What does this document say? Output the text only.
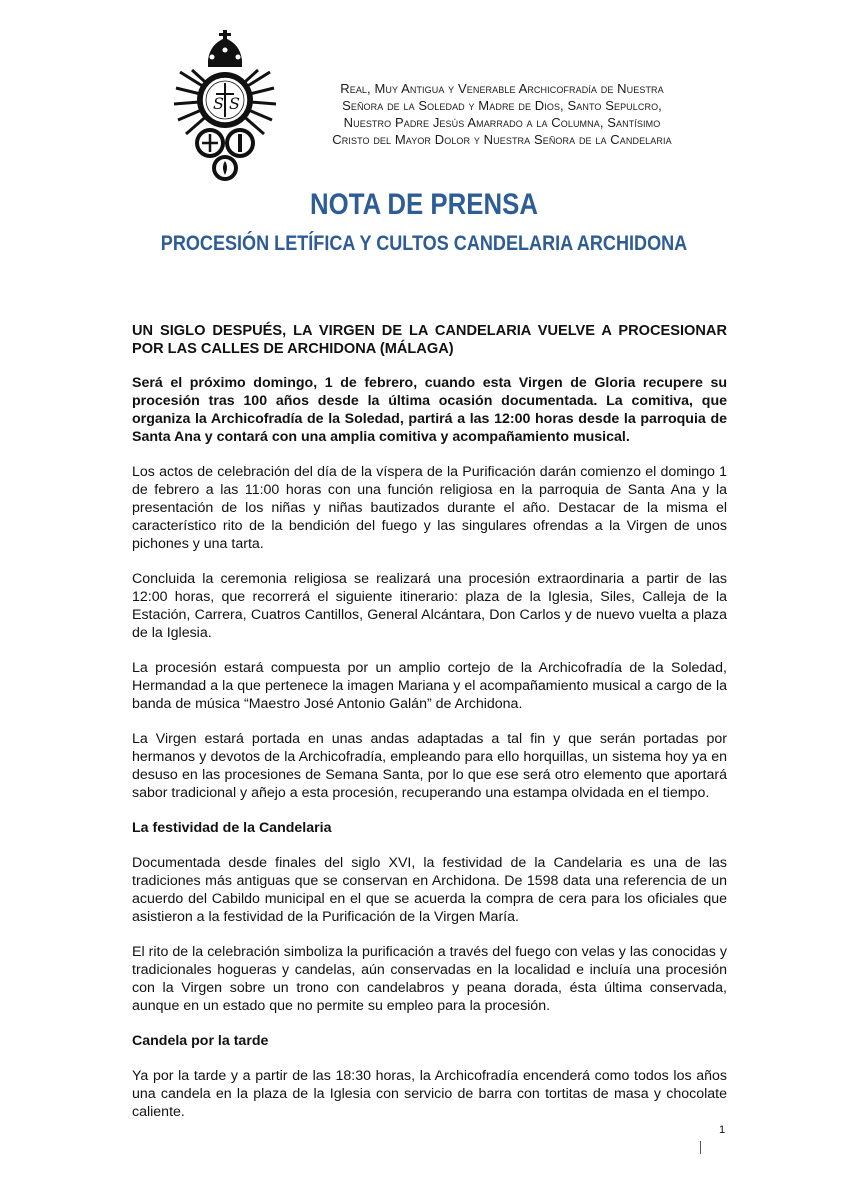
S S
Real, Muy Antigua y Venerable Archicofradía de Nuestra
Señora de la Soledad y Madre de Dios, Santo Sepulcro,
Nuestro Padre Jesús Amarrado a la Columna, Santísimo
Cristo del Mayor Dolor y Nuestra Señora de la Candelaria
NOTA DE PRENSA
PROCESIÓN LETÍFICA Y CULTOS CANDELARIA ARCHIDONA

UN SIGLO DESPUÉS, LA VIRGEN DE LA CANDELARIA VUELVE A PROCESIONAR POR LAS CALLES DE ARCHIDONA (MÁLAGA)

Será el próximo domingo, 1 de febrero, cuando esta Virgen de Gloria recupere su procesión tras 100 años desde la última ocasión documentada. La comitiva, que organiza la Archicofradía de la Soledad, partirá a las 12:00 horas desde la parroquia de Santa Ana y contará con una amplia comitiva y acompañamiento musical.

Los actos de celebración del día de la víspera de la Purificación darán comienzo el domingo 1 de febrero a las 11:00 horas con una función religiosa en la parroquia de Santa Ana y la presentación de los niñas y niñas bautizados durante el año. Destacar de la misma el característico rito de la bendición del fuego y las singulares ofrendas a la Virgen de unos pichones y una tarta.

Concluida la ceremonia religiosa se realizará una procesión extraordinaria a partir de las 12:00 horas, que recorrerá el siguiente itinerario: plaza de la Iglesia, Siles, Calleja de la Estación, Carrera, Cuatros Cantillos, General Alcántara, Don Carlos y de nuevo vuelta a plaza de la Iglesia.

La procesión estará compuesta por un amplio cortejo de la Archicofradía de la Soledad, Hermandad a la que pertenece la imagen Mariana y el acompañamiento musical a cargo de la banda de música “Maestro José Antonio Galán” de Archidona.

La Virgen estará portada en unas andas adaptadas a tal fin y que serán portadas por hermanos y devotos de la Archicofradía, empleando para ello horquillas, un sistema hoy ya en desuso en las procesiones de Semana Santa, por lo que ese será otro elemento que aportará sabor tradicional y añejo a esta procesión, recuperando una estampa olvidada en el tiempo.

La festividad de la Candelaria

Documentada desde finales del siglo XVI, la festividad de la Candelaria es una de las tradiciones más antiguas que se conservan en Archidona. De 1598 data una referencia de un acuerdo del Cabildo municipal en el que se acuerda la compra de cera para los oficiales que asistieron a la festividad de la Purificación de la Virgen María.

El rito de la celebración simboliza la purificación a través del fuego con velas y las conocidas y tradicionales hogueras y candelas, aún conservadas en la localidad e incluía una procesión con la Virgen sobre un trono con candelabros y peana dorada, ésta última conservada, aunque en un estado que no permite su empleo para la procesión.

Candela por la tarde

Ya por la tarde y a partir de las 18:30 horas, la Archicofradía encenderá como todos los años una candela en la plaza de la Iglesia con servicio de barra con tortitas de masa y chocolate caliente.

1
